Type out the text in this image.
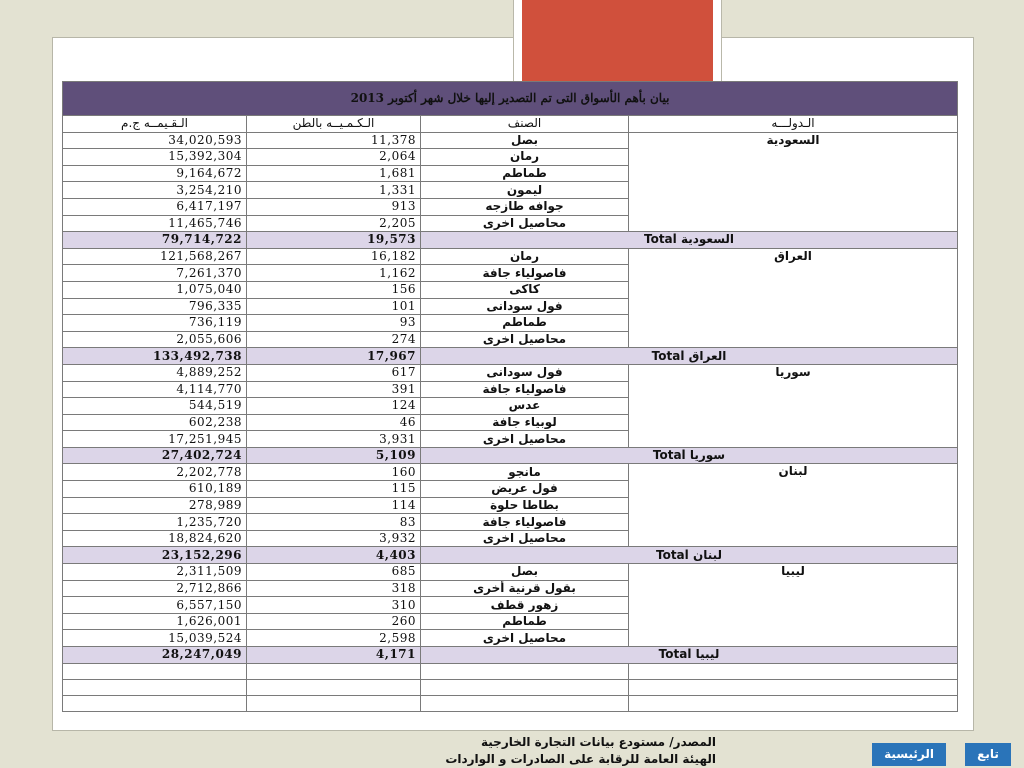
بيان بأهم الأسواق التى تم التصدير إليها خلال شهر أكتوبر 2013			
الـقـيمــه ج.م	الـكـمـيــه بالطن	الصنف	الـدولـــه
34,020,593	11,378	بصل	السعودية
15,392,304	2,064	رمان	
9,164,672	1,681	طماطم	
3,254,210	1,331	ليمون	
6,417,197	913	جوافه طازجه	
11,465,746	2,205	محاصيل اخرى	
79,714,722	19,573	السعودية Total	
121,568,267	16,182	رمان	العراق
7,261,370	1,162	فاصولياء جافة	
1,075,040	156	كاكى	
796,335	101	فول سودانى	
736,119	93	طماطم	
2,055,606	274	محاصيل اخرى	
133,492,738	17,967	العراق Total	
4,889,252	617	فول سودانى	سوريا
4,114,770	391	فاصولياء جافة	
544,519	124	عدس	
602,238	46	لوبياء جافة	
17,251,945	3,931	محاصيل اخرى	
27,402,724	5,109	سوريا Total	
2,202,778	160	مانجو	لبنان
610,189	115	فول عريض	
278,989	114	بطاطا حلوة	
1,235,720	83	فاصولياء جافة	
18,824,620	3,932	محاصيل اخرى	
23,152,296	4,403	لبنان Total	
2,311,509	685	بصل	ليبيا
2,712,866	318	بقول قرنية أخرى	
6,557,150	310	زهور قطف	
1,626,001	260	طماطم	
15,039,524	2,598	محاصيل اخرى	
28,247,049	4,171	ليبيا Total	

المصدر/ مستودع بيانات التجارة الخارجية
الهيئة العامة للرقابة على الصادرات و الواردات	الرئيسية	تابع
